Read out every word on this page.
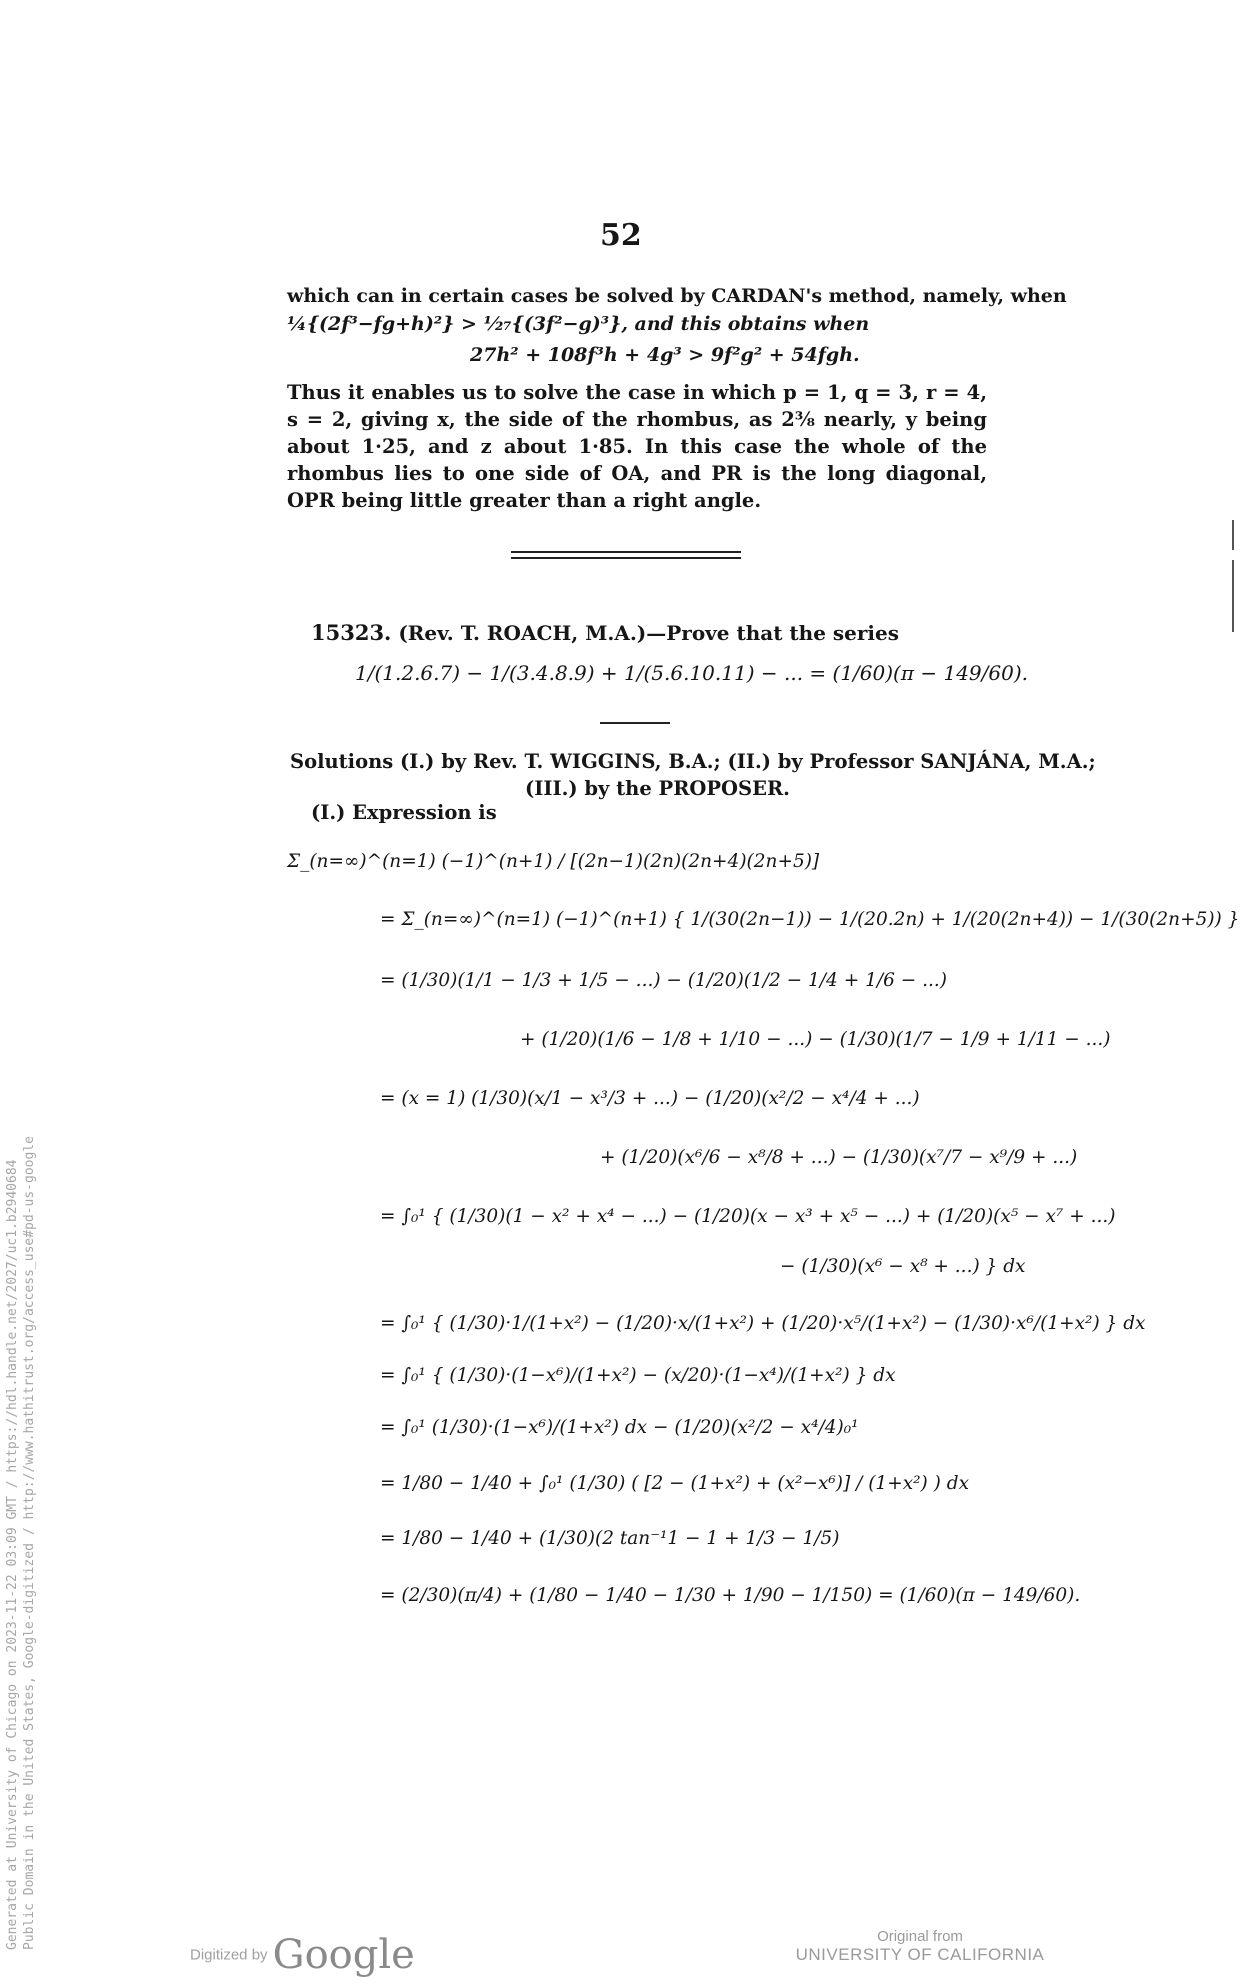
52
which can in certain cases be solved by CARDAN's method, namely, when
¼{(2f³−fg+h)²} > ¹⁄₂₇{(3f²−g)³}, and this obtains when
27h² + 108f³h + 4g³ > 9f²g² + 54fgh.
Thus it enables us to solve the case in which p = 1, q = 3, r = 4, s = 2, giving x, the side of the rhombus, as 2⅜ nearly, y being about 1·25, and z about 1·85. In this case the whole of the rhombus lies to one side of OA, and PR is the long diagonal, OPR being little greater than a right angle.
15323. (Rev. T. ROACH, M.A.)—Prove that the series
1/(1.2.6.7) − 1/(3.4.8.9) + 1/(5.6.10.11) − ... = (1/60)(π − 149/60).
Solutions (I.) by Rev. T. WIGGINS, B.A.; (II.) by Professor SANJÁNA, M.A.;
(III.) by the PROPOSER.
(I.) Expression is
Σ_(n=∞)^(n=1) (−1)^(n+1) / [(2n−1)(2n)(2n+4)(2n+5)]
= Σ_(n=∞)^(n=1) (−1)^(n+1) { 1/(30(2n−1)) − 1/(20.2n) + 1/(20(2n+4)) − 1/(30(2n+5)) }
= (1/30)(1/1 − 1/3 + 1/5 − ...) − (1/20)(1/2 − 1/4 + 1/6 − ...)
+ (1/20)(1/6 − 1/8 + 1/10 − ...) − (1/30)(1/7 − 1/9 + 1/11 − ...)
= (x = 1) (1/30)(x/1 − x³/3 + ...) − (1/20)(x²/2 − x⁴/4 + ...)
+ (1/20)(x⁶/6 − x⁸/8 + ...) − (1/30)(x⁷/7 − x⁹/9 + ...)
= ∫₀¹ { (1/30)(1 − x² + x⁴ − ...) − (1/20)(x − x³ + x⁵ − ...) + (1/20)(x⁵ − x⁷ + ...)
− (1/30)(x⁶ − x⁸ + ...) } dx
= ∫₀¹ { (1/30)·1/(1+x²) − (1/20)·x/(1+x²) + (1/20)·x⁵/(1+x²) − (1/30)·x⁶/(1+x²) } dx
= ∫₀¹ { (1/30)·(1−x⁶)/(1+x²) − (x/20)·(1−x⁴)/(1+x²) } dx
= ∫₀¹ (1/30)·(1−x⁶)/(1+x²) dx − (1/20)(x²/2 − x⁴/4)₀¹
= 1/80 − 1/40 + ∫₀¹ (1/30) ( [2 − (1+x²) + (x²−x⁶)] / (1+x²) ) dx
= 1/80 − 1/40 + (1/30)(2 tan⁻¹1 − 1 + 1/3 − 1/5)
= (2/30)(π/4) + (1/80 − 1/40 − 1/30 + 1/90 − 1/150) = (1/60)(π − 149/60).
Generated at University of Chicago on 2023-11-22 03:09 GMT / https://hdl.handle.net/2027/uc1.b2940684 Public Domain in the United States, Google-digitized / http://www.hathitrust.org/access_use#pd-us-google
Digitized by Google	Original from
UNIVERSITY OF CALIFORNIA
